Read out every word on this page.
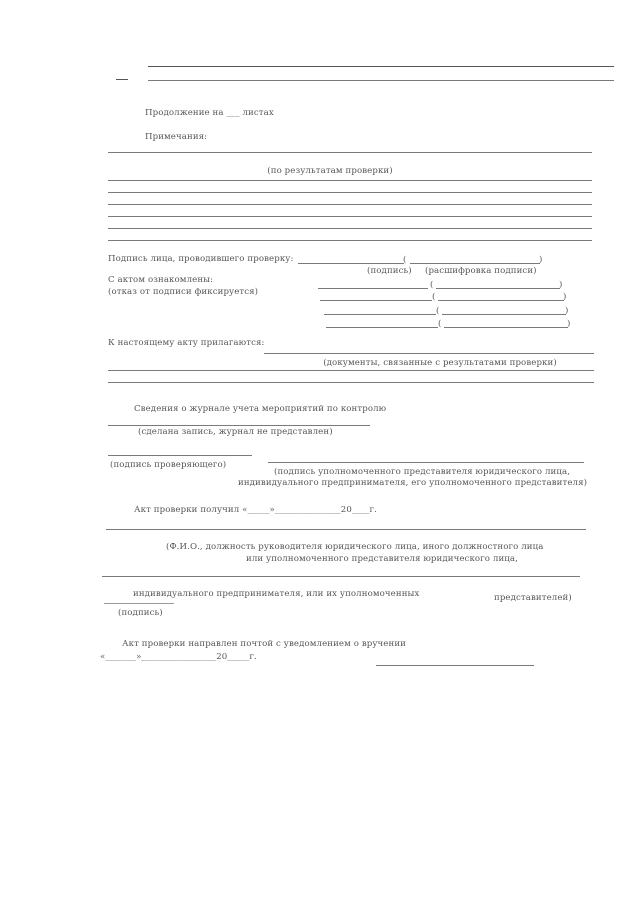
Продолжение на ___ листах
Примечания:
(по результатам проверки)
Подпись лица, проводившего проверку:	(	)
(подпись) (расшифровка подписи)
С актом ознакомлены:
(отказ от подписи фиксируется)
(	)
(	)
(	)
(	)
К настоящему акту прилагаются:
(документы, связанные с результатами проверки)
Сведения о журнале учета мероприятий по контролю
(сделана запись, журнал не представлен)
(подпись проверяющего)
(подпись уполномоченного представителя юридического лица,
индивидуального предпринимателя, его уполномоченного представителя)
Акт проверки получил «_____»_______________20____г.
(Ф.И.О., должность руководителя юридического лица, иного должностного лица
или уполномоченного представителя юридического лица,
индивидуального предпринимателя, или их уполномоченных	представителей)
(подпись)
Акт проверки направлен почтой с уведомлением о вручении
«_______»_________________20_____г.
